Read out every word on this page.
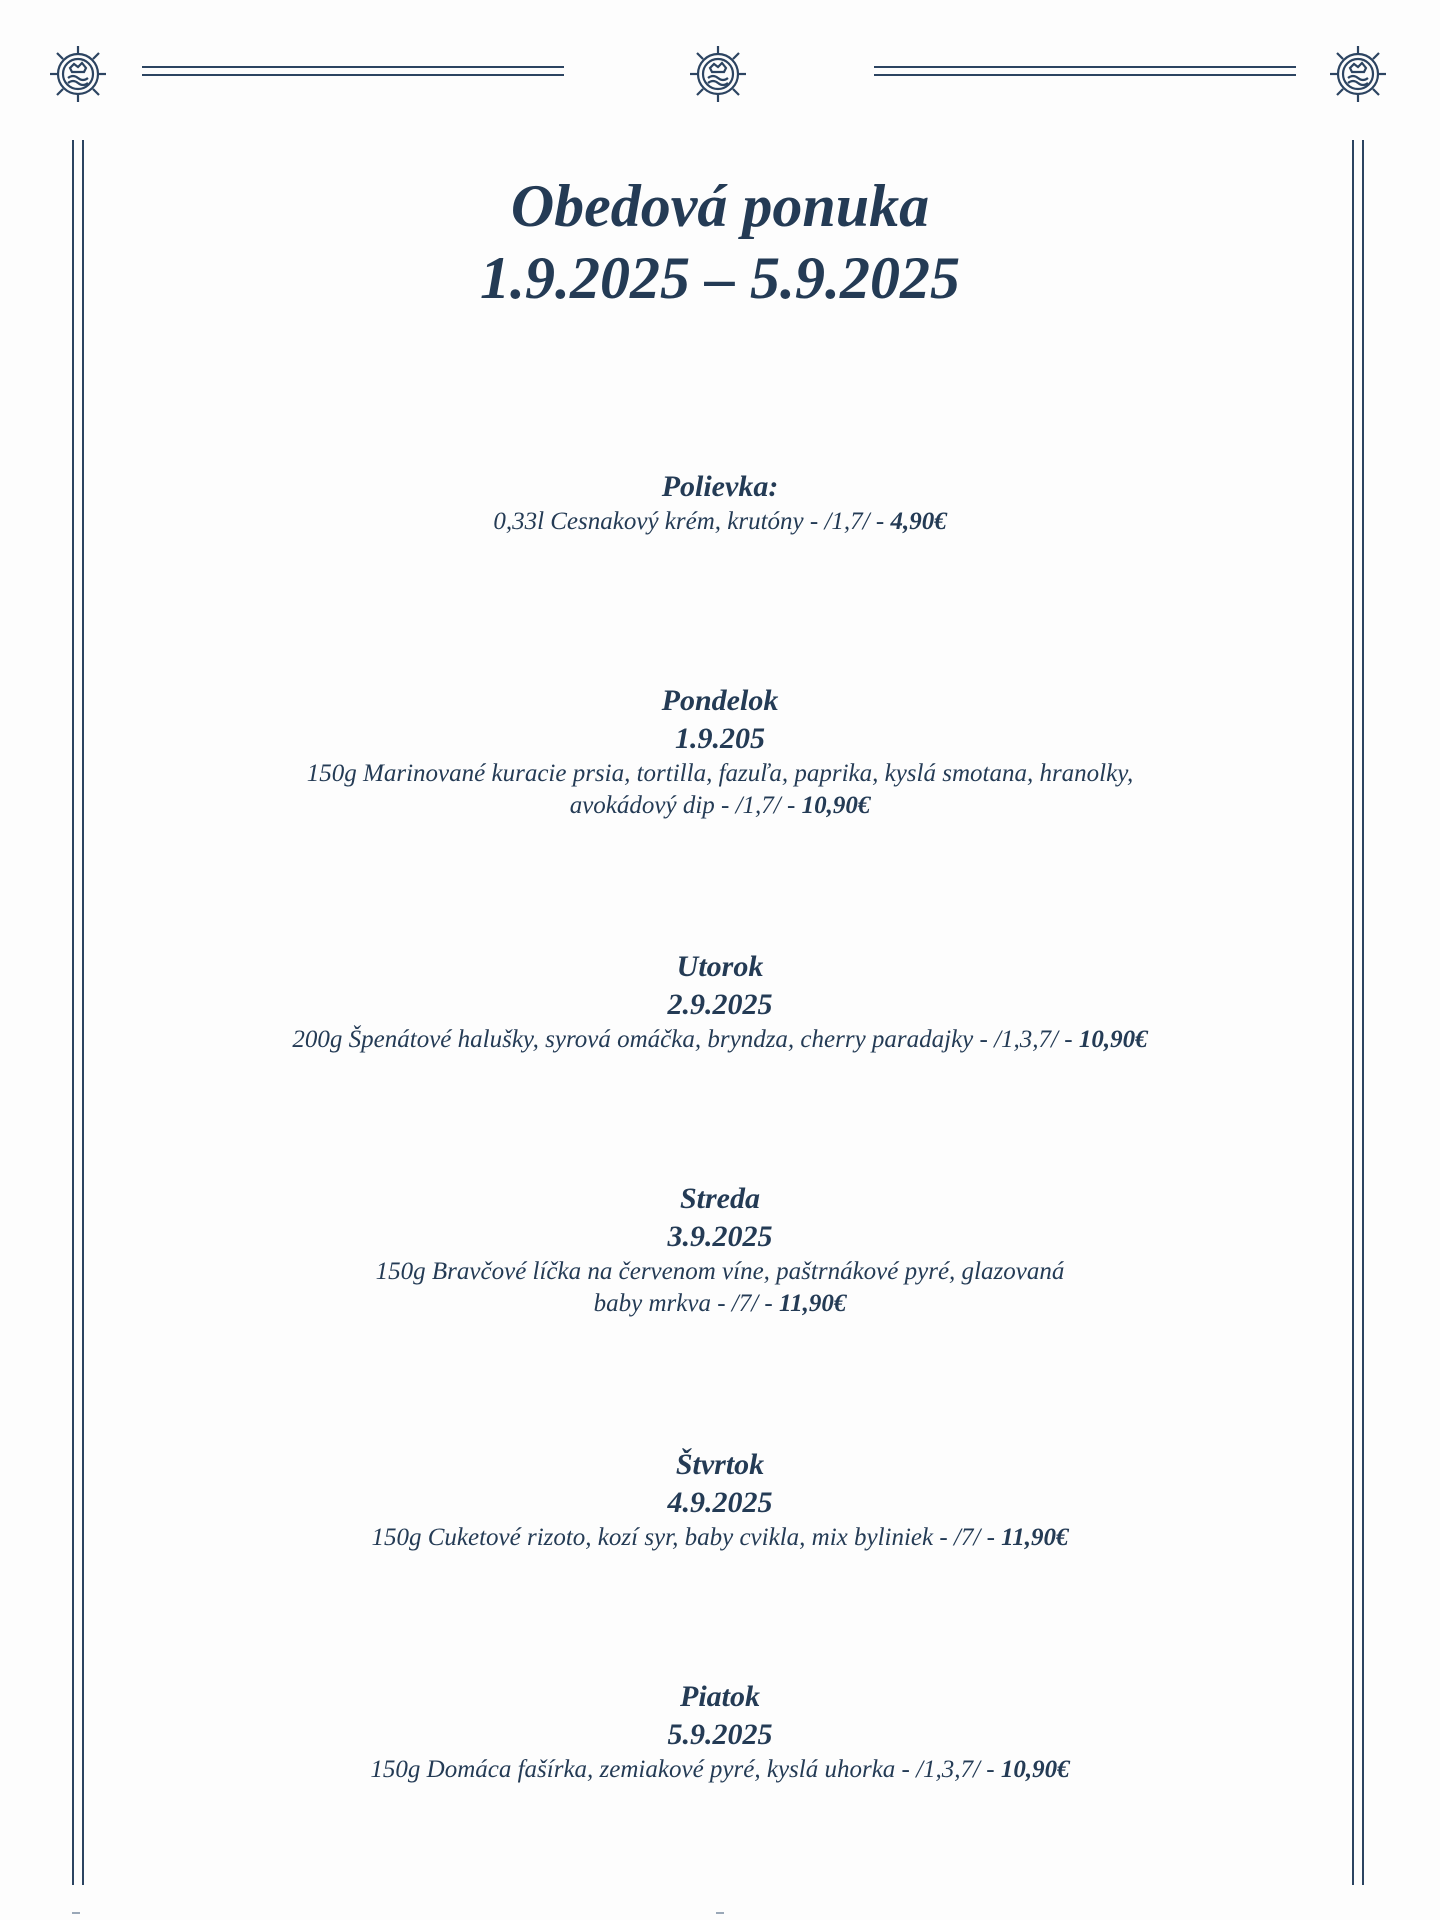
Obedová ponuka
1.9.2025 – 5.9.2025
Polievka:
0,33l Cesnakový krém, krutóny - /1,7/ - 4,90€
Pondelok
1.9.205
150g Marinované kuracie prsia, tortilla, fazuľa, paprika, kyslá smotana, hranolky,
avokádový dip - /1,7/ - 10,90€
Utorok
2.9.2025
200g Špenátové halušky, syrová omáčka, bryndza, cherry paradajky - /1,3,7/ - 10,90€
Streda
3.9.2025
150g Bravčové líčka na červenom víne, paštrnákové pyré, glazovaná
baby mrkva - /7/ - 11,90€
Štvrtok
4.9.2025
150g Cuketové rizoto, kozí syr, baby cvikla, mix byliniek - /7/ - 11,90€
Piatok
5.9.2025
150g Domáca fašírka, zemiakové pyré, kyslá uhorka - /1,3,7/ - 10,90€
